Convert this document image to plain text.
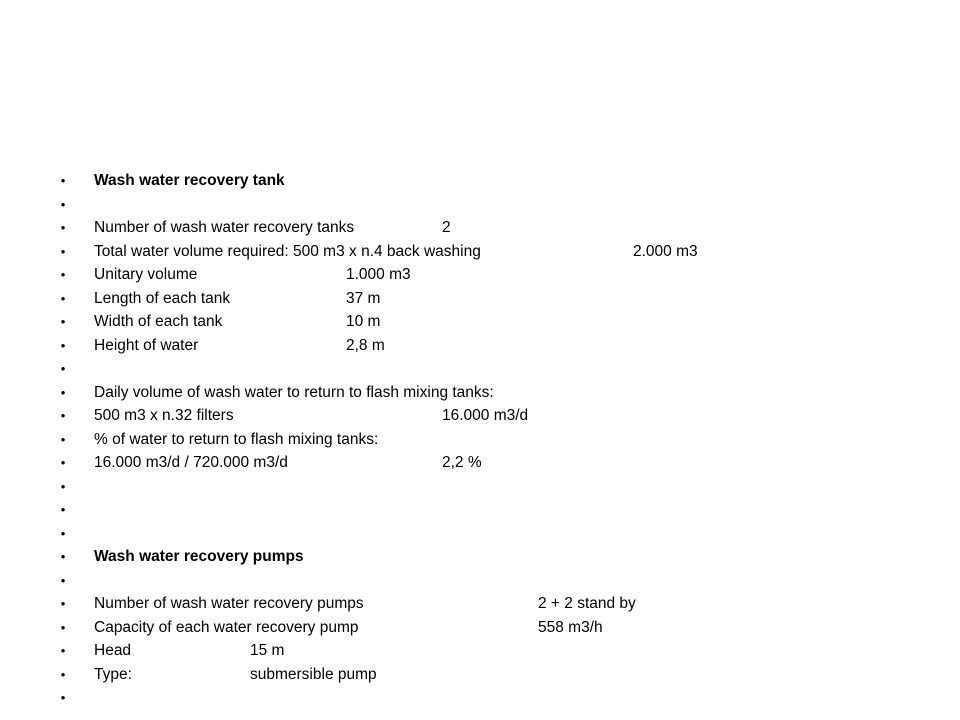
• Wash water recovery tank
•
• Number of wash water recovery tanks	2
• Total water volume required: 500 m3 x n.4 back washing	2.000 m3
• Unitary volume	1.000 m3
• Length of each tank	37 m
• Width of each tank	10 m
• Height of water	2,8 m
•
• Daily volume of wash water to return to flash mixing tanks:
• 500 m3 x n.32 filters	16.000 m3/d
• % of water to return to flash mixing tanks:
• 16.000 m3/d / 720.000 m3/d	2,2 %
•
•
•
• Wash water recovery pumps
•
• Number of wash water recovery pumps	2 + 2 stand by
• Capacity of each water recovery pump	558 m3/h
• Head	15 m
• Type:	submersible pump
•
